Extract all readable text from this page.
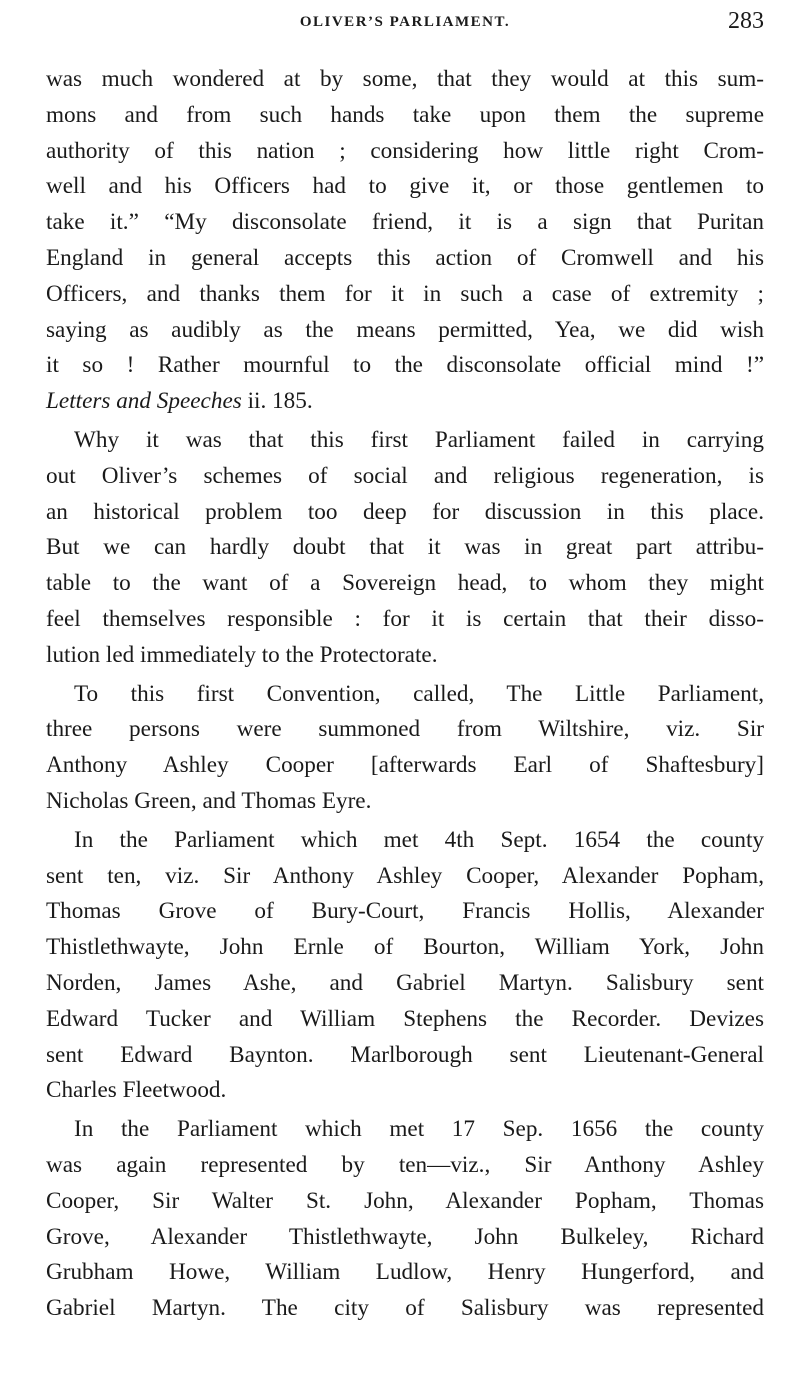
OLIVER’S PARLIAMENT.	283
was much wondered at by some, that they would at this sum-
mons and from such hands take upon them the supreme
authority of this nation ; considering how little right Crom-
well and his Officers had to give it, or those gentlemen to
take it.” “My disconsolate friend, it is a sign that Puritan
England in general accepts this action of Cromwell and his
Officers, and thanks them for it in such a case of extremity ;
saying as audibly as the means permitted, Yea, we did wish
it so ! Rather mournful to the disconsolate official mind !”
Letters and Speeches ii. 185.
Why it was that this first Parliament failed in carrying
out Oliver’s schemes of social and religious regeneration, is
an historical problem too deep for discussion in this place.
But we can hardly doubt that it was in great part attribu-
table to the want of a Sovereign head, to whom they might
feel themselves responsible : for it is certain that their disso-
lution led immediately to the Protectorate.
To this first Convention, called, The Little Parliament,
three persons were summoned from Wiltshire, viz. Sir
Anthony Ashley Cooper [afterwards Earl of Shaftesbury]
Nicholas Green, and Thomas Eyre.
In the Parliament which met 4th Sept. 1654 the county
sent ten, viz. Sir Anthony Ashley Cooper, Alexander Popham,
Thomas Grove of Bury-Court, Francis Hollis, Alexander
Thistlethwayte, John Ernle of Bourton, William York, John
Norden, James Ashe, and Gabriel Martyn. Salisbury sent
Edward Tucker and William Stephens the Recorder. Devizes
sent Edward Baynton. Marlborough sent Lieutenant-General
Charles Fleetwood.
In the Parliament which met 17 Sep. 1656 the county
was again represented by ten—viz., Sir Anthony Ashley
Cooper, Sir Walter St. John, Alexander Popham, Thomas
Grove, Alexander Thistlethwayte, John Bulkeley, Richard
Grubham Howe, William Ludlow, Henry Hungerford, and
Gabriel Martyn. The city of Salisbury was represented
